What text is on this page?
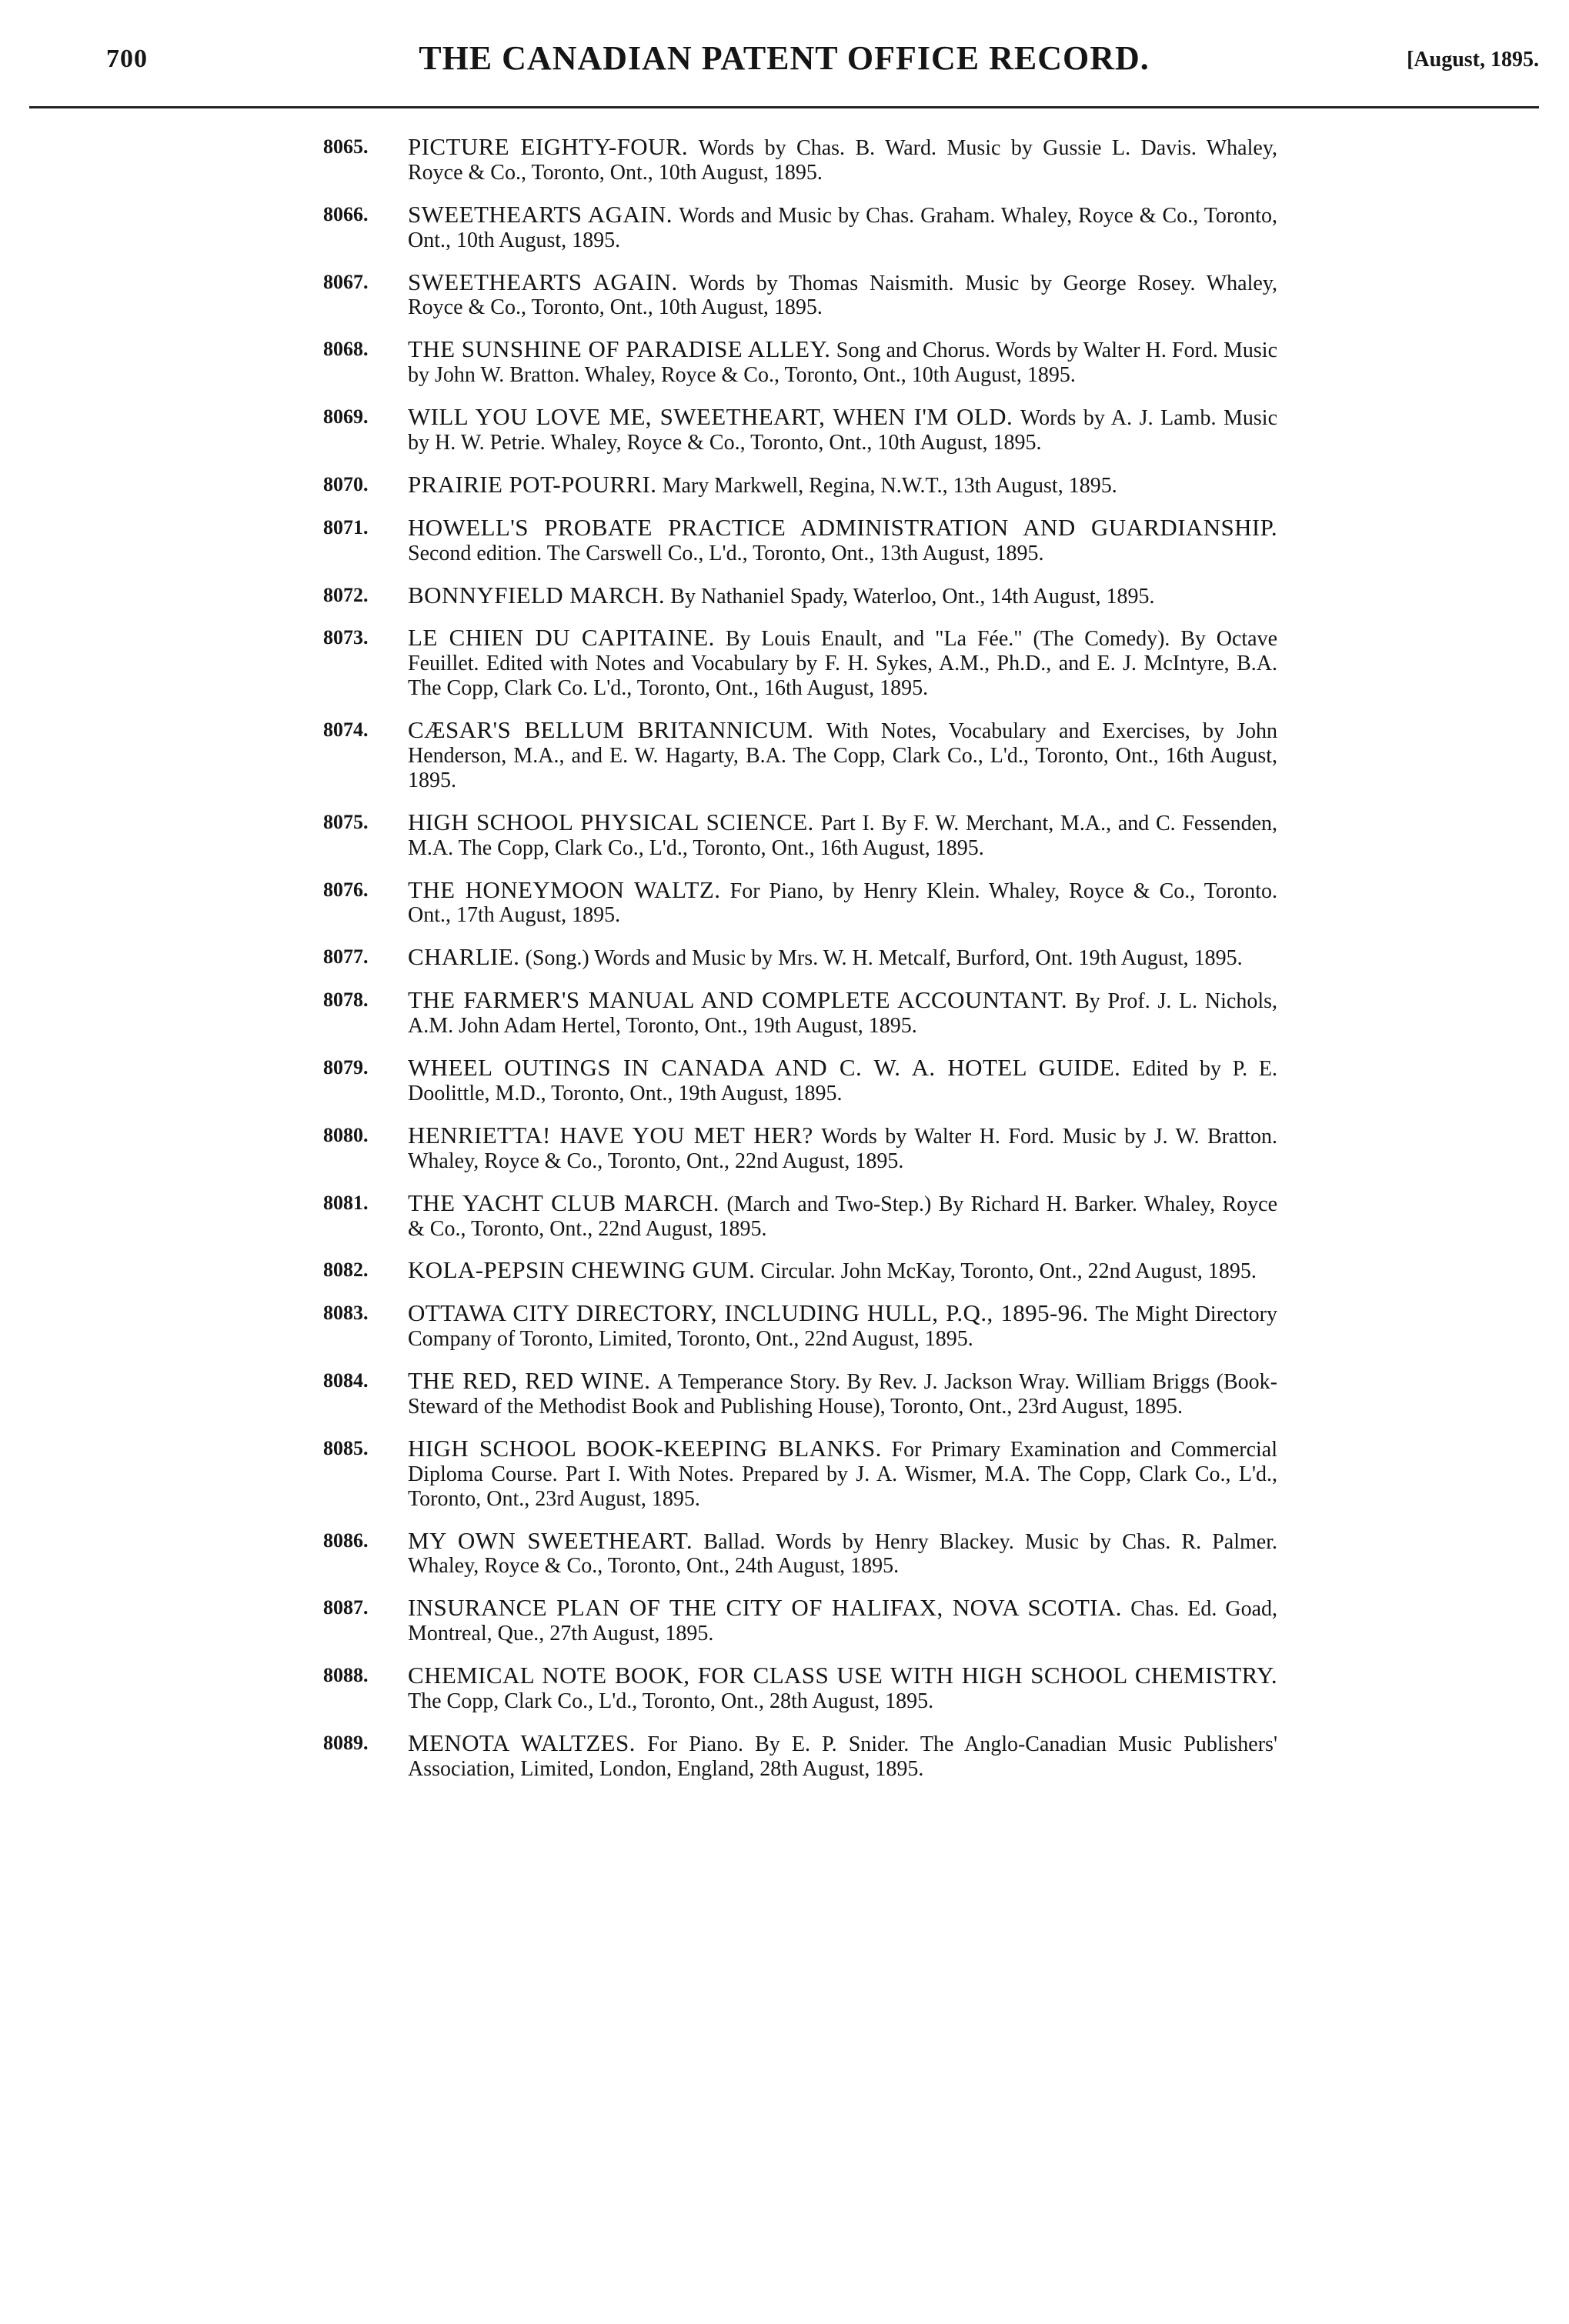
700	THE CANADIAN PATENT OFFICE RECORD.	[August, 1895.
8065. PICTURE EIGHTY-FOUR. Words by Chas. B. Ward. Music by Gussie L. Davis. Whaley, Royce & Co., Toronto, Ont., 10th August, 1895.
8066. SWEETHEARTS AGAIN. Words and Music by Chas. Graham. Whaley, Royce & Co., Toronto, Ont., 10th August, 1895.
8067. SWEETHEARTS AGAIN. Words by Thomas Naismith. Music by George Rosey. Whaley, Royce & Co., Toronto, Ont., 10th August, 1895.
8068. THE SUNSHINE OF PARADISE ALLEY. Song and Chorus. Words by Walter H. Ford. Music by John W. Bratton. Whaley, Royce & Co., Toronto, Ont., 10th August, 1895.
8069. WILL YOU LOVE ME, SWEETHEART, WHEN I'M OLD. Words by A. J. Lamb. Music by H. W. Petrie. Whaley, Royce & Co., Toronto, Ont., 10th August, 1895.
8070. PRAIRIE POT-POURRI. Mary Markwell, Regina, N.W.T., 13th August, 1895.
8071. HOWELL'S PROBATE PRACTICE ADMINISTRATION AND GUARDIANSHIP. Second edition. The Carswell Co., L'd., Toronto, Ont., 13th August, 1895.
8072. BONNYFIELD MARCH. By Nathaniel Spady, Waterloo, Ont., 14th August, 1895.
8073. LE CHIEN DU CAPITAINE. By Louis Enault, and "La Fée." (The Comedy). By Octave Feuillet. Edited with Notes and Vocabulary by F. H. Sykes, A.M., Ph.D., and E. J. McIntyre, B.A. The Copp, Clark Co. L'd., Toronto, Ont., 16th August, 1895.
8074. CÆSAR'S BELLUM BRITANNICUM. With Notes, Vocabulary and Exercises, by John Henderson, M.A., and E. W. Hagarty, B.A. The Copp, Clark Co., L'd., Toronto, Ont., 16th August, 1895.
8075. HIGH SCHOOL PHYSICAL SCIENCE. Part I. By F. W. Merchant, M.A., and C. Fessenden, M.A. The Copp, Clark Co., L'd., Toronto, Ont., 16th August, 1895.
8076. THE HONEYMOON WALTZ. For Piano, by Henry Klein. Whaley, Royce & Co., Toronto. Ont., 17th August, 1895.
8077. CHARLIE. (Song.) Words and Music by Mrs. W. H. Metcalf, Burford, Ont. 19th August, 1895.
8078. THE FARMER'S MANUAL AND COMPLETE ACCOUNTANT. By Prof. J. L. Nichols, A.M. John Adam Hertel, Toronto, Ont., 19th August, 1895.
8079. WHEEL OUTINGS IN CANADA AND C. W. A. HOTEL GUIDE. Edited by P. E. Doolittle, M.D., Toronto, Ont., 19th August, 1895.
8080. HENRIETTA! HAVE YOU MET HER? Words by Walter H. Ford. Music by J. W. Bratton. Whaley, Royce & Co., Toronto, Ont., 22nd August, 1895.
8081. THE YACHT CLUB MARCH. (March and Two-Step.) By Richard H. Barker. Whaley, Royce & Co., Toronto, Ont., 22nd August, 1895.
8082. KOLA-PEPSIN CHEWING GUM. Circular. John McKay, Toronto, Ont., 22nd August, 1895.
8083. OTTAWA CITY DIRECTORY, INCLUDING HULL, P.Q., 1895-96. The Might Directory Company of Toronto, Limited, Toronto, Ont., 22nd August, 1895.
8084. THE RED, RED WINE. A Temperance Story. By Rev. J. Jackson Wray. William Briggs (Book-Steward of the Methodist Book and Publishing House), Toronto, Ont., 23rd August, 1895.
8085. HIGH SCHOOL BOOK-KEEPING BLANKS. For Primary Examination and Commercial Diploma Course. Part I. With Notes. Prepared by J. A. Wismer, M.A. The Copp, Clark Co., L'd., Toronto, Ont., 23rd August, 1895.
8086. MY OWN SWEETHEART. Ballad. Words by Henry Blackey. Music by Chas. R. Palmer. Whaley, Royce & Co., Toronto, Ont., 24th August, 1895.
8087. INSURANCE PLAN OF THE CITY OF HALIFAX, NOVA SCOTIA. Chas. Ed. Goad, Montreal, Que., 27th August, 1895.
8088. CHEMICAL NOTE BOOK, FOR CLASS USE WITH HIGH SCHOOL CHEMISTRY. The Copp, Clark Co., L'd., Toronto, Ont., 28th August, 1895.
8089. MENOTA WALTZES. For Piano. By E. P. Snider. The Anglo-Canadian Music Publishers' Association, Limited, London, England, 28th August, 1895.
